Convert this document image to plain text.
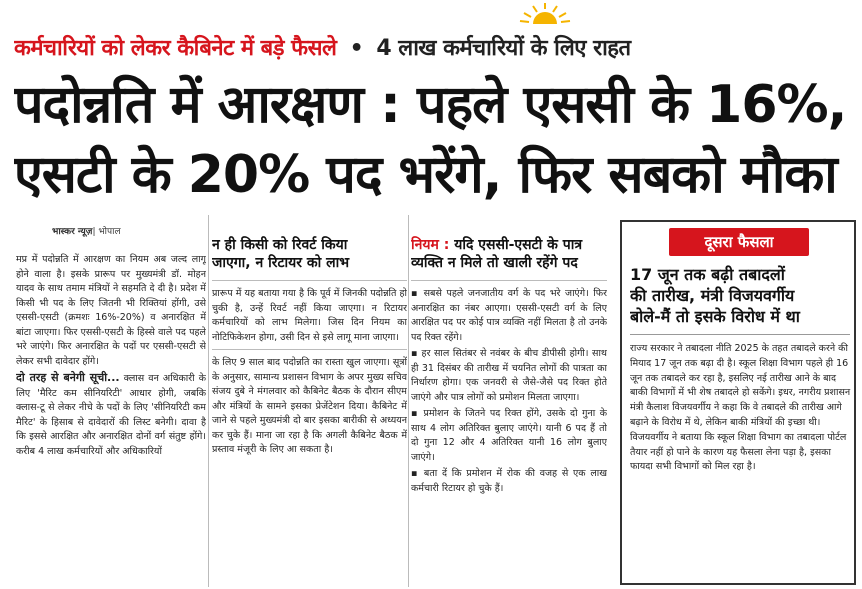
कर्मचारियों को लेकर कैबिनेट में बड़े फैसले • 4 लाख कर्मचारियों के लिए राहत
पदोन्नति में आरक्षण : पहले एससी के 16%,
एसटी के 20% पद भरेंगे, फिर सबको मौका
भास्कर न्यूज़| भोपाल

मप्र में पदोन्नति में आरक्षण का नियम अब जल्द लागू होने वाला है। इसके प्रारूप पर मुख्यमंत्री डॉ. मोहन यादव के साथ तमाम मंत्रियों ने सहमति दे दी है। प्रदेश में किसी भी पद के लिए जितनी भी रिक्तियां होंगी, उसे एससी-एसटी (क्रमशः 16%-20%) व अनारक्षित में बांटा जाएगा। फिर एससी-एसटी के हिस्से वाले पद पहले भरे जाएंगे। फिर अनारक्षित के पदों पर एससी-एसटी से लेकर सभी दावेदार होंगे।

दो तरह से बनेगी सूची... क्लास वन अधिकारी के लिए 'मैरिट कम सीनियरिटी' आधार होगी, जबकि क्लास-टू से लेकर नीचे के पदों के लिए 'सीनियरिटी कम मैरिट' के हिसाब से दावेदारों की लिस्ट बनेगी। दावा है कि इससे आरक्षित और अनारक्षित दोनों वर्ग संतुष्ट होंगे। करीब 4 लाख कर्मचारियों और अधिकारियों

न ही किसी को रिवर्ट किया
जाएगा, न रिटायर को लाभ

प्रारूप में यह बताया गया है कि पूर्व में जिनकी पदोन्नति हो चुकी है, उन्हें रिवर्ट नहीं किया जाएगा। न रिटायर कर्मचारियों को लाभ मिलेगा। जिस दिन नियम का नोटिफिकेशन होगा, उसी दिन से इसे लागू माना जाएगा।

के लिए 9 साल बाद पदोन्नति का रास्ता खुल जाएगा। सूत्रों के अनुसार, सामान्य प्रशासन विभाग के अपर मुख्य सचिव संजय दुबे ने मंगलवार को कैबिनेट बैठक के दौरान सीएम और मंत्रियों के सामने इसका प्रेजेंटेशन दिया। कैबिनेट में जाने से पहले मुख्यमंत्री दो बार इसका बारीकी से अध्ययन कर चुके हैं। माना जा रहा है कि अगली कैबिनेट बैठक में प्रस्ताव मंजूरी के लिए आ सकता है।

नियम : यदि एससी-एसटी के पात्र
व्यक्ति न मिले तो खाली रहेंगे पद

▪ सबसे पहले जनजातीय वर्ग के पद भरे जाएंगे। फिर अनारक्षित का नंबर आएगा। एससी-एसटी वर्ग के लिए आरक्षित पद पर कोई पात्र व्यक्ति नहीं मिलता है तो उनके पद रिक्त रहेंगे।

▪ हर साल सितंबर से नवंबर के बीच डीपीसी होगी। साथ ही 31 दिसंबर की तारीख में चयनित लोगों की पात्रता का निर्धारण होगा। एक जनवरी से जैसे-जैसे पद रिक्त होते जाएंगे और पात्र लोगों को प्रमोशन मिलता जाएगा।

▪ प्रमोशन के जितने पद रिक्त होंगे, उसके दो गुना के साथ 4 लोग अतिरिक्त बुलाए जाएंगे। यानी 6 पद हैं तो दो गुना 12 और 4 अतिरिक्त यानी 16 लोग बुलाए जाएंगे।

▪ बता दें कि प्रमोशन में रोक की वजह से एक लाख कर्मचारी रिटायर हो चुके हैं।

दूसरा फैसला
17 जून तक बढ़ी तबादलों
की तारीख, मंत्री विजयवर्गीय
बोले-मैं तो इसके विरोध में था

राज्य सरकार ने तबादला नीति 2025 के तहत तबादले करने की मियाद 17 जून तक बढ़ा दी है। स्कूल शिक्षा विभाग पहले ही 16 जून तक तबादले कर रहा है, इसलिए नई तारीख आने के बाद बाकी विभागों में भी शेष तबादले हो सकेंगे। इधर, नगरीय प्रशासन मंत्री कैलाश विजयवर्गीय ने कहा कि वे तबादले की तारीख आगे बढ़ाने के विरोध में थे, लेकिन बाकी मंत्रियों की इच्छा थी। विजयवर्गीय ने बताया कि स्कूल शिक्षा विभाग का तबादला पोर्टल तैयार नहीं हो पाने के कारण यह फैसला लेना पड़ा है, इसका फायदा सभी विभागों को मिल रहा है।
